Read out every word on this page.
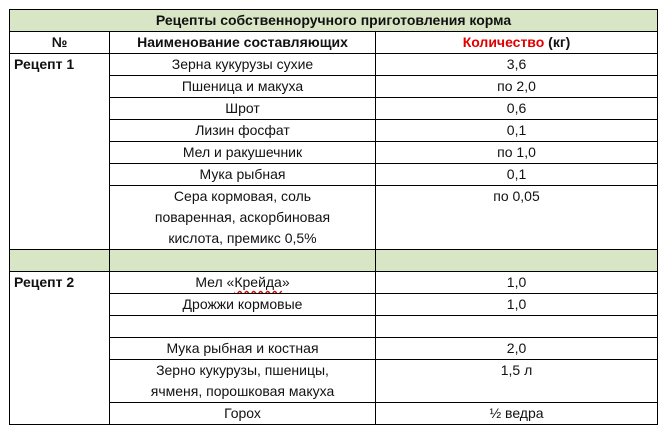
Рецепты собственноручного приготовления корма		
№	Наименование составляющих	Количество (кг)
Рецепт 1	Зерна кукурузы сухие	3,6
	Пшеница и макуха	по 2,0
	Шрот	0,6
	Лизин фосфат	0,1
	Мел и ракушечник	по 1,0
	Мука рыбная	0,1
	Сера кормовая, соль
поваренная, аскорбиновая
кислота, премикс 0,5%	по 0,05

Рецепт 2	Мел «Крейда»	1,0
	Дрожжи кормовые	1,0

	Мука рыбная и костная	2,0
	Зерно кукурузы, пшеницы,
ячменя, порошковая макуха	1,5 л
	Горох	½ ведра
